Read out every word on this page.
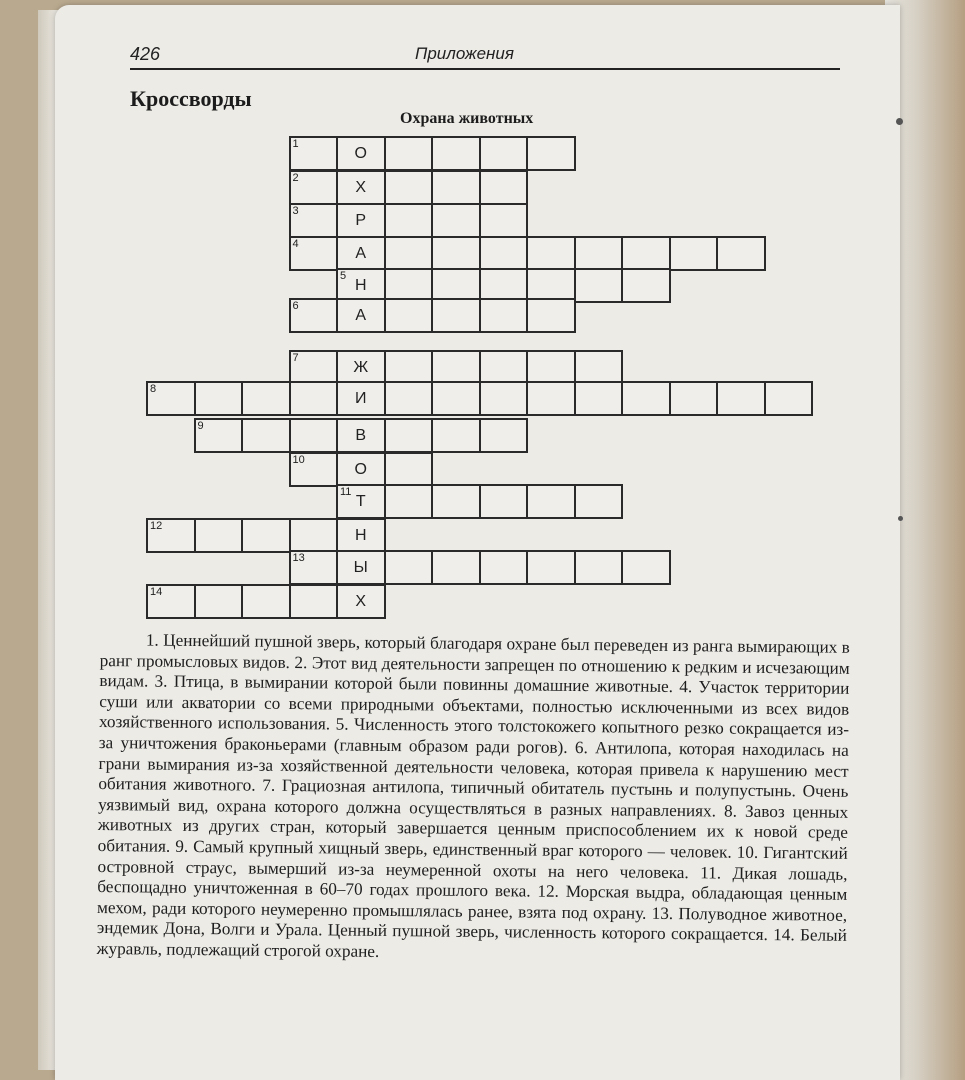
426	Приложения
Кроссворды
Охрана животных
1
О
2
Х
3
Р
4
А
5
Н
6
А
7
Ж
8
И
9
В
10
О
11
Т
12
Н
13
Ы
14
Х
1. Ценнейший пушной зверь, который благодаря охране был переведен из ранга вымирающих в ранг промысловых видов. 2. Этот вид деятельности запрещен по отношению к редким и исчезающим видам. 3. Птица, в вымирании которой были повинны домашние животные. 4. Участок территории суши или акватории со всеми природными объектами, полностью исключенными из всех видов хозяйственного использования. 5. Численность этого толстокожего копытного резко сокращается из-за уничтожения браконьерами (главным образом ради рогов). 6. Антилопа, которая находилась на грани вымирания из-за хозяйственной деятельности человека, которая привела к нарушению мест обитания животного. 7. Грациозная антилопа, типичный обитатель пустынь и полупустынь. Очень уязвимый вид, охрана которого должна осуществляться в разных направлениях. 8. Завоз ценных животных из других стран, который завершается ценным приспособлением их к новой среде обитания. 9. Самый крупный хищный зверь, единственный враг которого — человек. 10. Гигантский островной страус, вымерший из-за неумеренной охоты на него человека. 11. Дикая лошадь, беспощадно уничтоженная в 60–70 годах прошлого века. 12. Морская выдра, обладающая ценным мехом, ради которого неумеренно промышлялась ранее, взята под охрану. 13. Полуводное животное, эндемик Дона, Волги и Урала. Ценный пушной зверь, численность которого сокращается. 14. Белый журавль, подлежащий строгой охране.
